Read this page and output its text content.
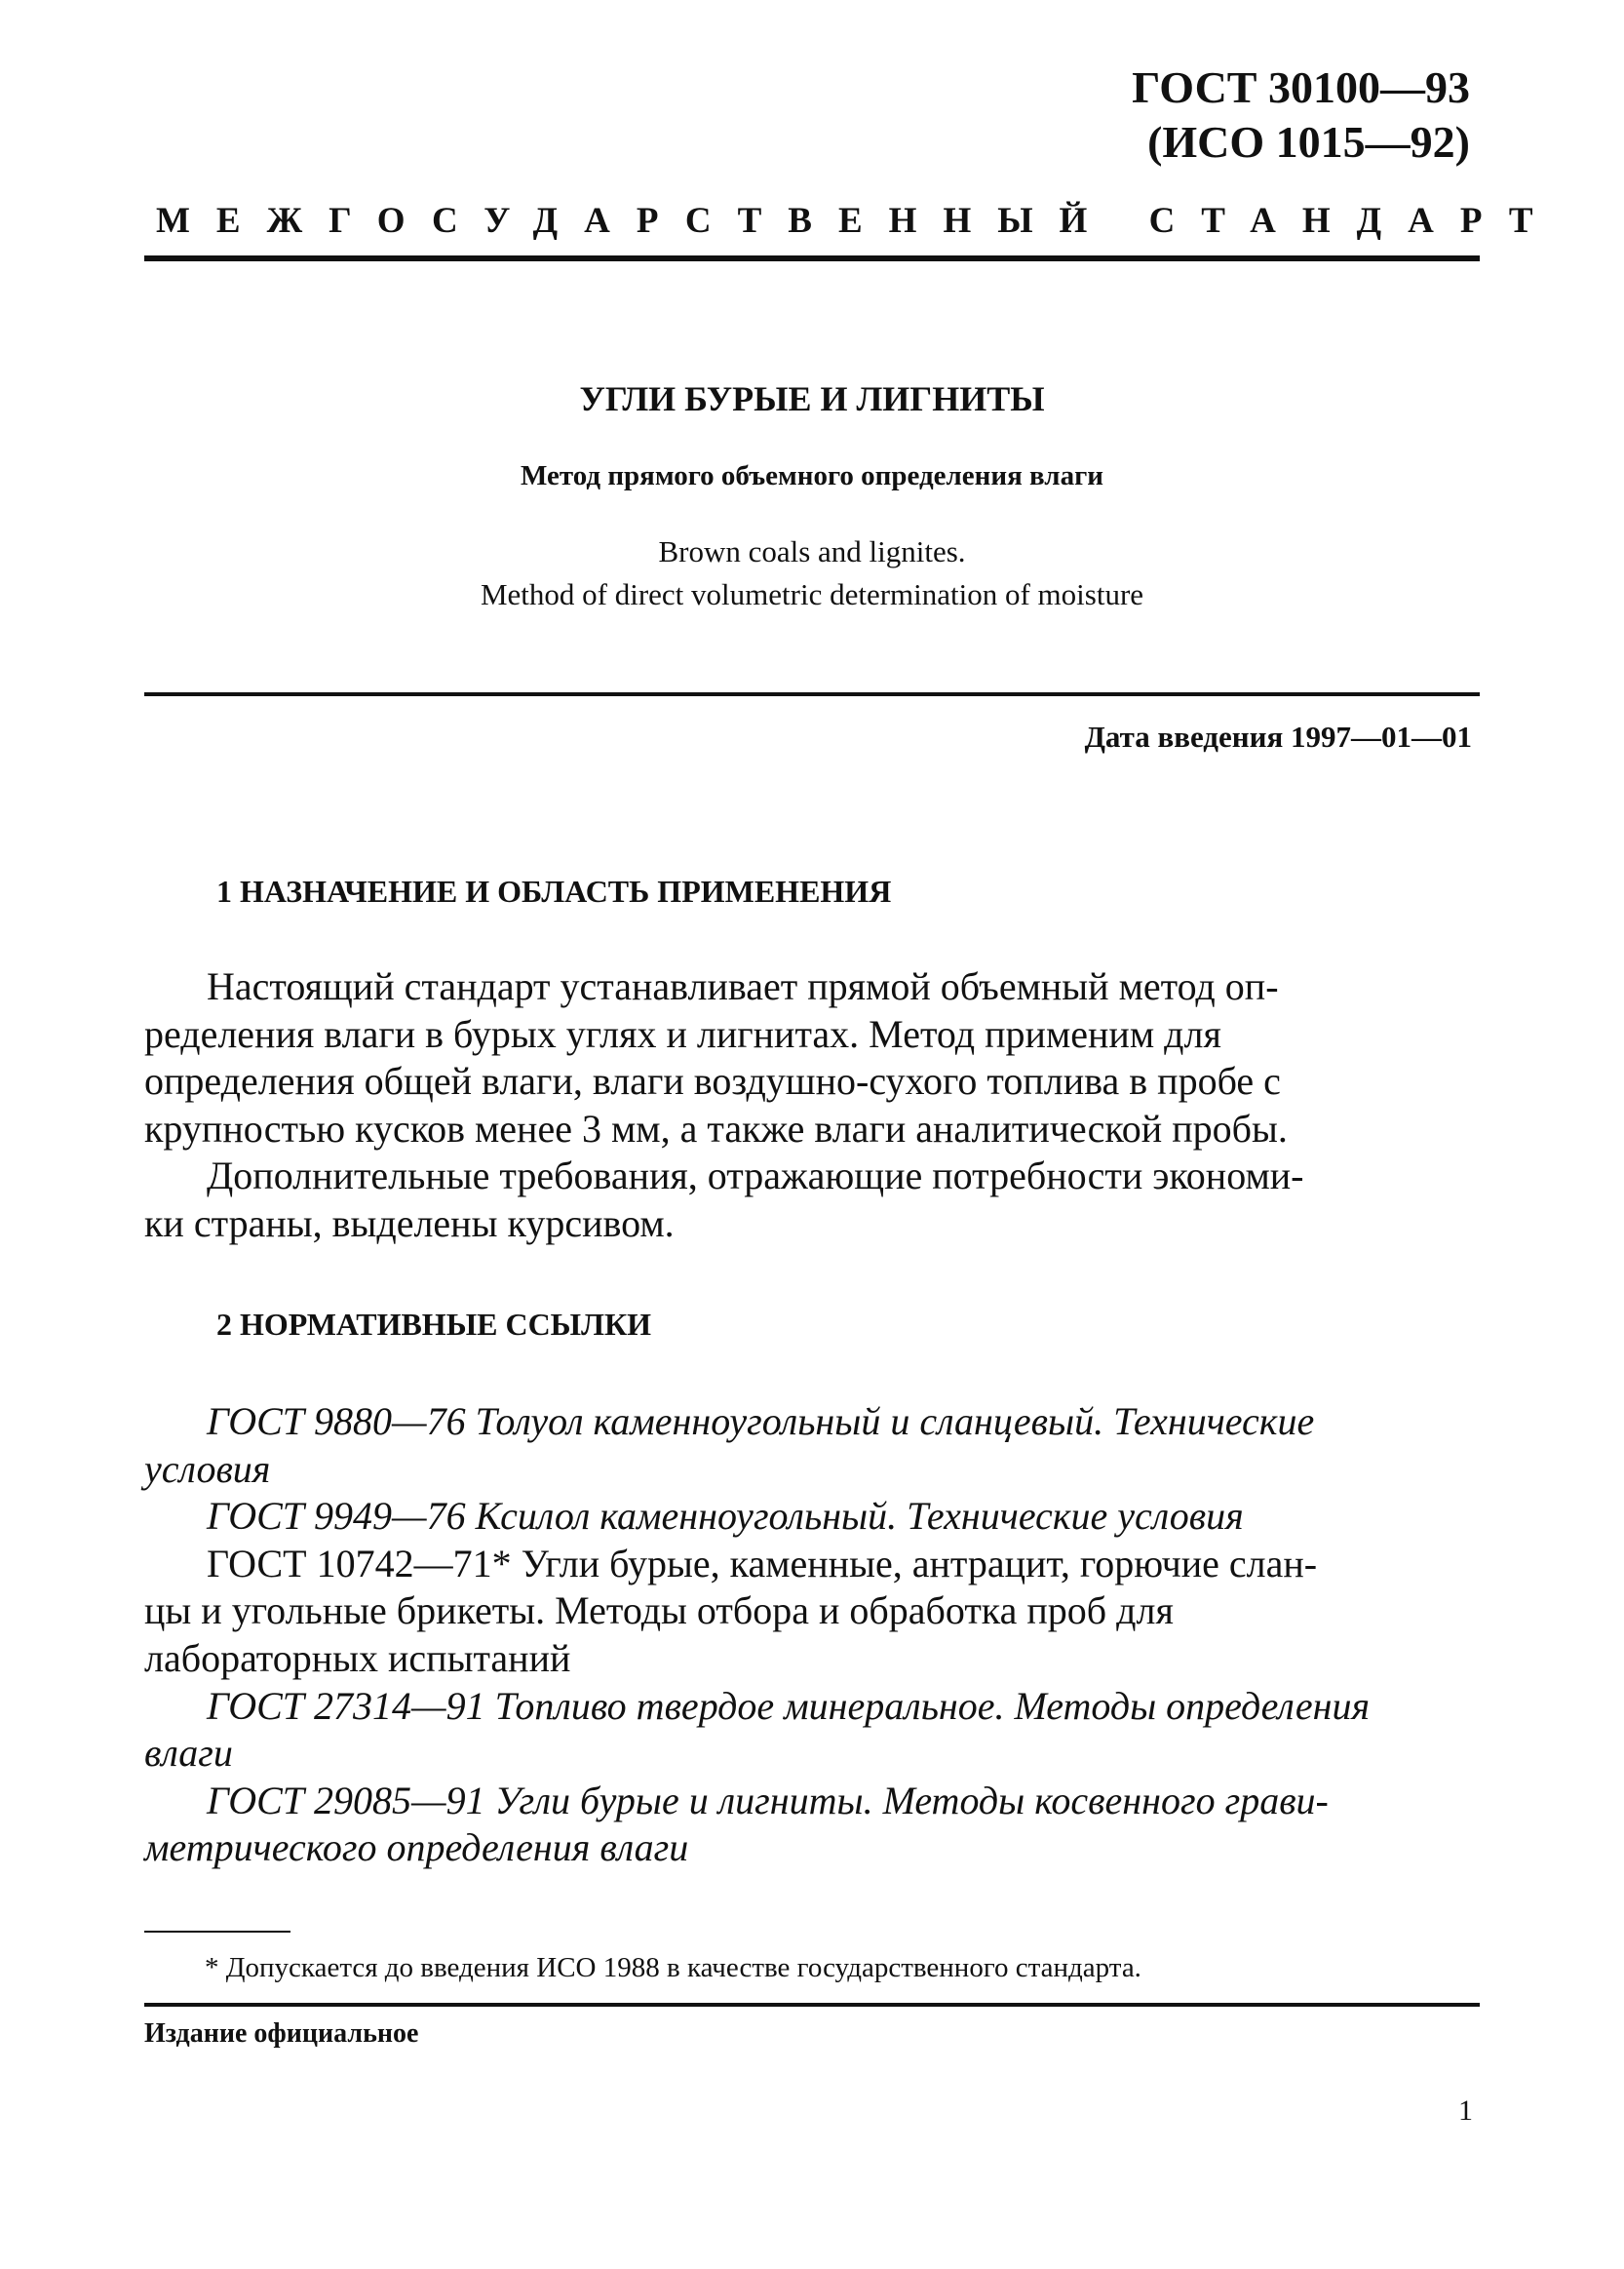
ГОСТ 30100—93
(ИСО 1015—92)
МЕЖГОСУДАРСТВЕННЫЙ СТАНДАРТ
УГЛИ БУРЫЕ И ЛИГНИТЫ
Метод прямого объемного определения влаги
Brown coals and lignites.
Method of direct volumetric determination of moisture
Дата введения 1997—01—01
1 НАЗНАЧЕНИЕ И ОБЛАСТЬ ПРИМЕНЕНИЯ
Настоящий стандарт устанавливает прямой объемный метод оп-
ределения влаги в бурых углях и лигнитах. Метод применим для
определения общей влаги, влаги воздушно-сухого топлива в пробе с
крупностью кусков менее 3 мм, а также влаги аналитической пробы.
Дополнительные требования, отражающие потребности экономи-
ки страны, выделены курсивом.
2 НОРМАТИВНЫЕ ССЫЛКИ
ГОСТ 9880—76 Толуол каменноугольный и сланцевый. Технические
условия
ГОСТ 9949—76 Ксилол каменноугольный. Технические условия
ГОСТ 10742—71* Угли бурые, каменные, антрацит, горючие слан-
цы и угольные брикеты. Методы отбора и обработка проб для
лабораторных испытаний
ГОСТ 27314—91 Топливо твердое минеральное. Методы определения
влаги
ГОСТ 29085—91 Угли бурые и лигниты. Методы косвенного грави-
метрического определения влаги
* Допускается до введения ИСО 1988 в качестве государственного стандарта.
Издание официальное
1
